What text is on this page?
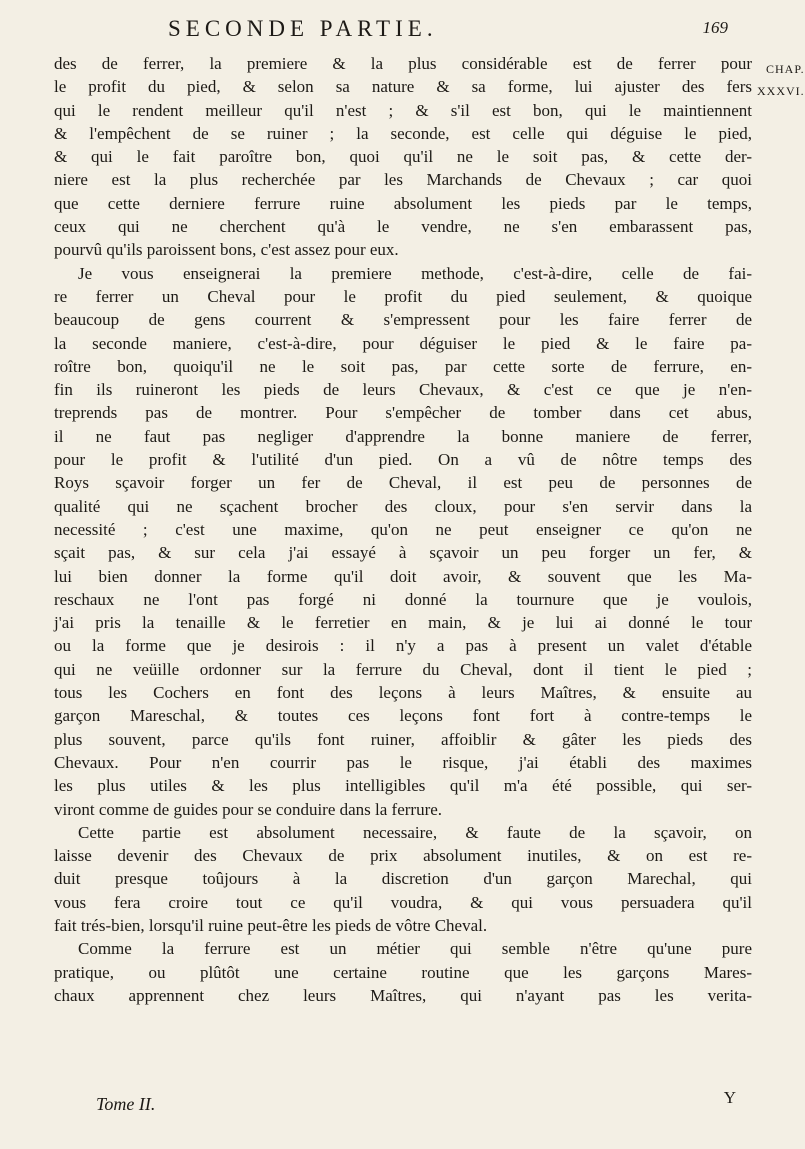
SECONDE PARTIE.	169
CHAP.
XXXVI.
des de ferrer, la premiere & la plus considérable est de ferrer pour
le profit du pied, & selon sa nature & sa forme, lui ajuster des fers
qui le rendent meilleur qu'il n'est ; & s'il est bon, qui le maintiennent
& l'empêchent de se ruiner ; la seconde, est celle qui déguise le pied,
& qui le fait paroître bon, quoi qu'il ne le soit pas, & cette der-
niere est la plus recherchée par les Marchands de Chevaux ; car quoi
que cette derniere ferrure ruine absolument les pieds par le temps,
ceux qui ne cherchent qu'à le vendre, ne s'en embarassent pas,
pourvû qu'ils paroissent bons, c'est assez pour eux.
Je vous enseignerai la premiere methode, c'est-à-dire, celle de fai-
re ferrer un Cheval pour le profit du pied seulement, & quoique
beaucoup de gens courrent & s'empressent pour les faire ferrer de
la seconde maniere, c'est-à-dire, pour déguiser le pied & le faire pa-
roître bon, quoiqu'il ne le soit pas, par cette sorte de ferrure, en-
fin ils ruineront les pieds de leurs Chevaux, & c'est ce que je n'en-
treprends pas de montrer. Pour s'empêcher de tomber dans cet abus,
il ne faut pas negliger d'apprendre la bonne maniere de ferrer,
pour le profit & l'utilité d'un pied. On a vû de nôtre temps des
Roys sçavoir forger un fer de Cheval, il est peu de personnes de
qualité qui ne sçachent brocher des cloux, pour s'en servir dans la
necessité ; c'est une maxime, qu'on ne peut enseigner ce qu'on ne
sçait pas, & sur cela j'ai essayé à sçavoir un peu forger un fer, &
lui bien donner la forme qu'il doit avoir, & souvent que les Ma-
reschaux ne l'ont pas forgé ni donné la tournure que je voulois,
j'ai pris la tenaille & le ferretier en main, & je lui ai donné le tour
ou la forme que je desirois : il n'y a pas à present un valet d'étable
qui ne veüille ordonner sur la ferrure du Cheval, dont il tient le pied ;
tous les Cochers en font des leçons à leurs Maîtres, & ensuite au
garçon Mareschal, & toutes ces leçons font fort à contre-temps le
plus souvent, parce qu'ils font ruiner, affoiblir & gâter les pieds des
Chevaux. Pour n'en courrir pas le risque, j'ai établi des maximes
les plus utiles & les plus intelligibles qu'il m'a été possible, qui ser-
viront comme de guides pour se conduire dans la ferrure.
Cette partie est absolument necessaire, & faute de la sçavoir, on
laisse devenir des Chevaux de prix absolument inutiles, & on est re-
duit presque toûjours à la discretion d'un garçon Marechal, qui
vous fera croire tout ce qu'il voudra, & qui vous persuadera qu'il
fait trés-bien, lorsqu'il ruine peut-être les pieds de vôtre Cheval.
Comme la ferrure est un métier qui semble n'être qu'une pure
pratique, ou plûtôt une certaine routine que les garçons Mares-
chaux apprennent chez leurs Maîtres, qui n'ayant pas les verita-
Tome II.	Y
